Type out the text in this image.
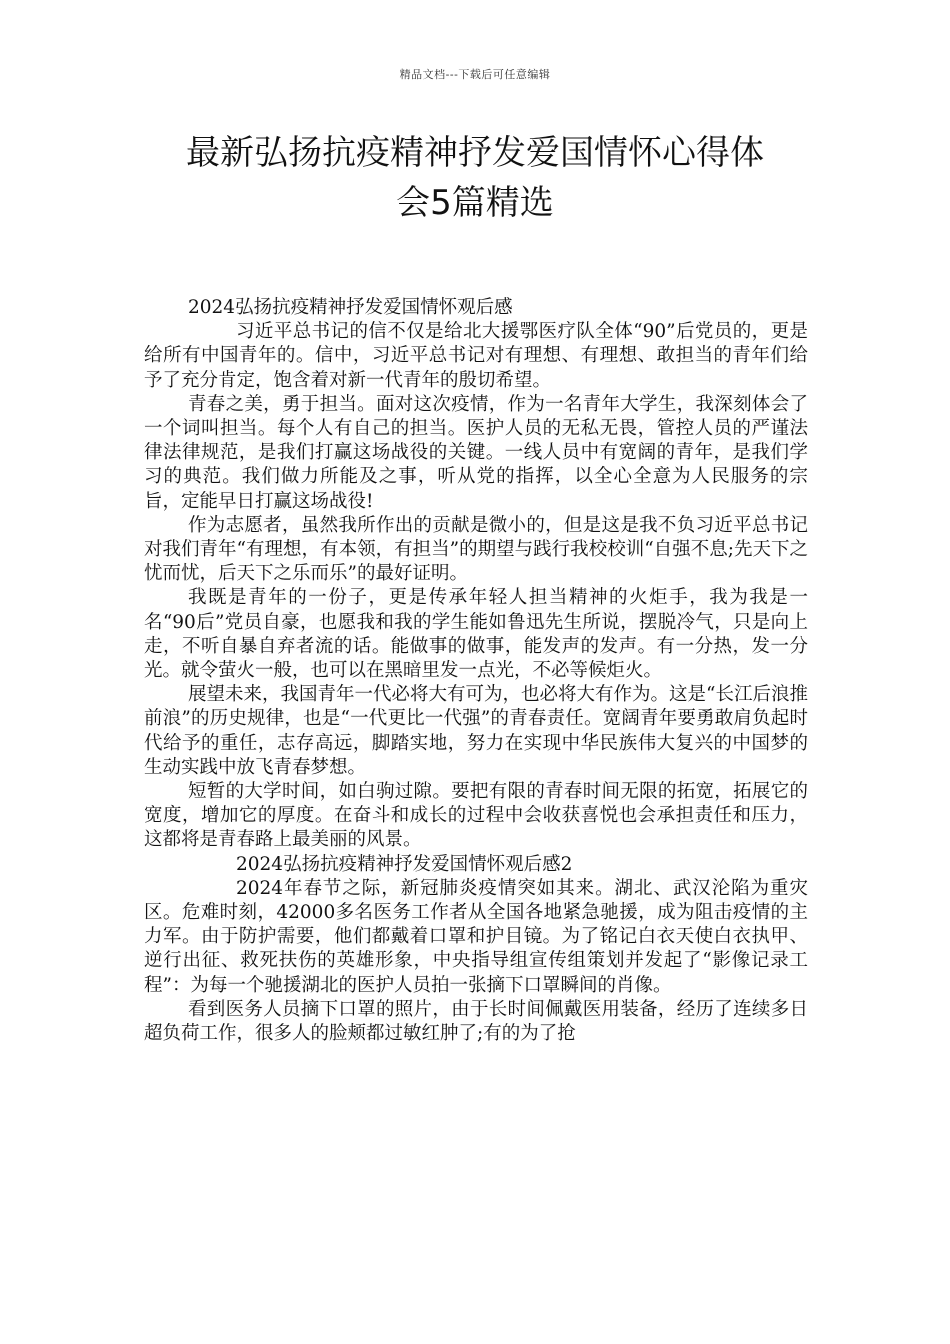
精品文档---下载后可任意编辑
最新弘扬抗疫精神抒发爱国情怀心得体
会5篇精选

2024弘扬抗疫精神抒发爱国情怀观后感

习近平总书记的信不仅是给北大援鄂医疗队全体“90”后党员的，更是给所有中国青年的。信中，习近平总书记对有理想、有理想、敢担当的青年们给予了充分肯定，饱含着对新一代青年的殷切希望。

青春之美，勇于担当。面对这次疫情，作为一名青年大学生，我深刻体会了一个词叫担当。每个人有自己的担当。医护人员的无私无畏，管控人员的严谨法律法律规范，是我们打赢这场战役的关键。一线人员中有宽阔的青年，是我们学习的典范。我们做力所能及之事，听从党的指挥，以全心全意为人民服务的宗旨，定能早日打赢这场战役!

作为志愿者，虽然我所作出的贡献是微小的，但是这是我不负习近平总书记对我们青年“有理想，有本领，有担当”的期望与践行我校校训“自强不息;先天下之忧而忧，后天下之乐而乐”的最好证明。

我既是青年的一份子，更是传承年轻人担当精神的火炬手，我为我是一名“90后”党员自豪，也愿我和我的学生能如鲁迅先生所说，摆脱冷气，只是向上走，不听自暴自弃者流的话。能做事的做事，能发声的发声。有一分热，发一分光。就令萤火一般，也可以在黑暗里发一点光，不必等候炬火。

展望未来，我国青年一代必将大有可为，也必将大有作为。这是“长江后浪推前浪”的历史规律，也是“一代更比一代强”的青春责任。宽阔青年要勇敢肩负起时代给予的重任，志存高远，脚踏实地，努力在实现中华民族伟大复兴的中国梦的生动实践中放飞青春梦想。

短暂的大学时间，如白驹过隙。要把有限的青春时间无限的拓宽，拓展它的宽度，增加它的厚度。在奋斗和成长的过程中会收获喜悦也会承担责任和压力，这都将是青春路上最美丽的风景。

2024弘扬抗疫精神抒发爱国情怀观后感2

2024年春节之际，新冠肺炎疫情突如其来。湖北、武汉沦陷为重灾区。危难时刻，42000多名医务工作者从全国各地紧急驰援，成为阻击疫情的主力军。由于防护需要，他们都戴着口罩和护目镜。为了铭记白衣天使白衣执甲、逆行出征、救死扶伤的英雄形象，中央指导组宣传组策划并发起了“影像记录工程”：为每一个驰援湖北的医护人员拍一张摘下口罩瞬间的肖像。

看到医务人员摘下口罩的照片，由于长时间佩戴医用装备，经历了连续多日超负荷工作，很多人的脸颊都过敏红肿了;有的为了抢
